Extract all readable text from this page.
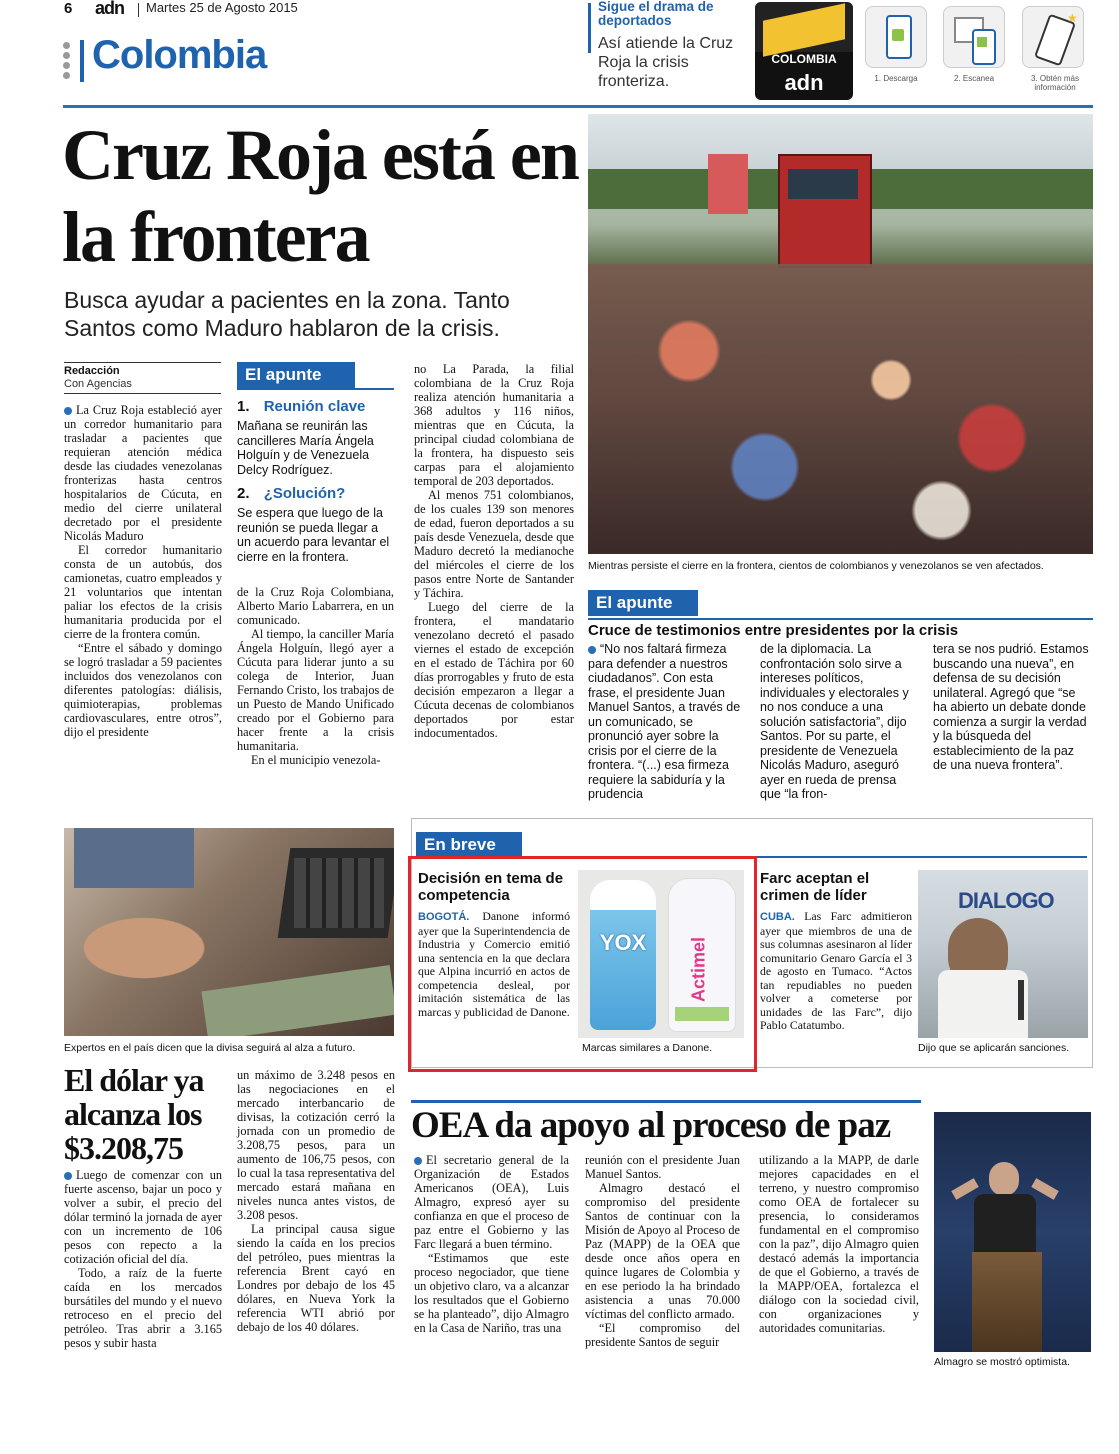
6 adn Martes 25 de Agosto 2015
Colombia
Sigue el drama de deportados
Así atiende la Cruz Roja la crisis fronteriza.
COLOMBIA
adn	1. Descarga	2. Escanea
★
3. Obtén más información
Cruz Roja está en la frontera
Busca ayudar a pacientes en la zona. Tanto Santos como Maduro hablaron de la crisis.
Mientras persiste el cierre en la frontera, cientos de colombianos y venezolanos se ven afectados.
Redacción
Con Agencias

La Cruz Roja estableció ayer un corredor humanitario para trasladar a pacientes que requieran atención médica desde las ciudades venezolanas fronterizas hasta centros hospitalarios de Cúcuta, en medio del cierre unilateral decretado por el presidente Nicolás Maduro

El corredor humanitario consta de un autobús, dos camionetas, cuatro empleados y 21 voluntarios que intentan paliar los efectos de la crisis humanitaria producida por el cierre de la frontera común.

“Entre el sábado y domingo se logró trasladar a 59 pacientes incluidos dos venezolanos con diferentes patologías: diálisis, quimioterapias, problemas cardiovasculares, entre otros”, dijo el presidente

El apunte
1. Reunión clave
Mañana se reunirán las cancilleres María Ángela Holguín y de Venezuela Delcy Rodríguez.
2. ¿Solución?
Se espera que luego de la reunión se pueda llegar a un acuerdo para levantar el cierre en la frontera.

de la Cruz Roja Colombiana, Alberto Mario Labarrera, en un comunicado.

Al tiempo, la canciller María Ángela Holguín, llegó ayer a Cúcuta para liderar junto a su colega de Interior, Juan Fernando Cristo, los trabajos de un Puesto de Mando Unificado creado por el Gobierno para hacer frente a la crisis humanitaria.

En el municipio venezola-

no La Parada, la filial colombiana de la Cruz Roja realiza atención humanitaria a 368 adultos y 116 niños, mientras que en Cúcuta, la principal ciudad colombiana de la frontera, ha dispuesto seis carpas para el alojamiento temporal de 203 deportados.

Al menos 751 colombianos, de los cuales 139 son menores de edad, fueron deportados a su país desde Venezuela, desde que Maduro decretó la medianoche del miércoles el cierre de los pasos entre Norte de Santander y Táchira.

Luego del cierre de la frontera, el mandatario venezolano decretó el pasado viernes el estado de excepción en el estado de Táchira por 60 días prorrogables y fruto de esta decisión empezaron a llegar a Cúcuta decenas de colombianos deportados por estar indocumentados.

El apunte
Cruce de testimonios entre presidentes por la crisis
“No nos faltará firmeza para defender a nuestros ciudadanos”. Con esta frase, el presidente Juan Manuel Santos, a través de un comunicado, se pronunció ayer sobre la crisis por el cierre de la frontera. “(...) esa firmeza requiere la sabiduría y la prudencia
de la diplomacia. La confrontación solo sirve a intereses políticos, individuales y electorales y no nos conduce a una solución satisfactoria”, dijo Santos. Por su parte, el presidente de Venezuela Nicolás Maduro, aseguró ayer en rueda de prensa que “la fron-
tera se nos pudrió. Estamos buscando una nueva”, en defensa de su decisión unilateral. Agregó que “se ha abierto un debate donde comienza a surgir la verdad y la búsqueda del establecimiento de la paz de una nueva frontera”.
Expertos en el país dicen que la divisa seguirá al alza a futuro.
El dólar ya alcanza los $3.208,75

Luego de comenzar con un fuerte ascenso, bajar un poco y volver a subir, el precio del dólar terminó la jornada de ayer con un incremento de 106 pesos con repecto a la cotización oficial del día.

Todo, a raíz de la fuerte caída en los mercados bursátiles del mundo y el nuevo retroceso en el precio del petróleo. Tras abrir a 3.165 pesos y subir hasta

un máximo de 3.248 pesos en las negociaciones en el mercado interbancario de divisas, la cotización cerró la jornada con un promedio de 3.208,75 pesos, para un aumento de 106,75 pesos, con lo cual la tasa representativa del mercado estará mañana en niveles nunca antes vistos, de 3.208 pesos.

La principal causa sigue siendo la caída en los precios del petróleo, pues mientras la referencia Brent cayó en Londres por debajo de los 45 dólares, en Nueva York la referencia WTI abrió por debajo de los 40 dólares.

En breve
Decisión en tema de competencia
BOGOTÁ. Danone informó ayer que la Superintendencia de Industria y Comercio emitió una sentencia en la que declara que Alpina incurrió en actos de competencia desleal, por imitación sistemática de las marcas y publicidad de Danone.
YOX	Actimel
Marcas similares a Danone.
Farc aceptan el crimen de líder
CUBA. Las Farc admitieron ayer que miembros de una de sus columnas asesinaron al líder comunitario Genaro García el 3 de agosto en Tumaco. “Actos tan repudiables no pueden volver a cometerse por unidades de las Farc”, dijo Pablo Catatumbo.
DIALOGO
Dijo que se aplicarán sanciones.
OEA da apoyo al proceso de paz

El secretario general de la Organización de Estados Americanos (OEA), Luis Almagro, expresó ayer su confianza en que el proceso de paz entre el Gobierno y las Farc llegará a buen término.

“Estimamos que este proceso negociador, que tiene un objetivo claro, va a alcanzar los resultados que el Gobierno se ha planteado”, dijo Almagro en la Casa de Nariño, tras una

reunión con el presidente Juan Manuel Santos.

Almagro destacó el compromiso del presidente Santos de continuar con la Misión de Apoyo al Proceso de Paz (MAPP) de la OEA que desde once años opera en quince lugares de Colombia y en ese periodo la ha brindado asistencia a unas 70.000 víctimas del conflicto armado.

“El compromiso del presidente Santos de seguir

utilizando a la MAPP, de darle mejores capacidades en el terreno, y nuestro compromiso como OEA de fortalecer su presencia, lo consideramos fundamental en el compromiso con la paz”, dijo Almagro quien destacó además la importancia de que el Gobierno, a través de la MAPP/OEA, fortalezca el diálogo con la sociedad civil, con organizaciones y autoridades comunitarias.

Almagro se mostró optimista.
